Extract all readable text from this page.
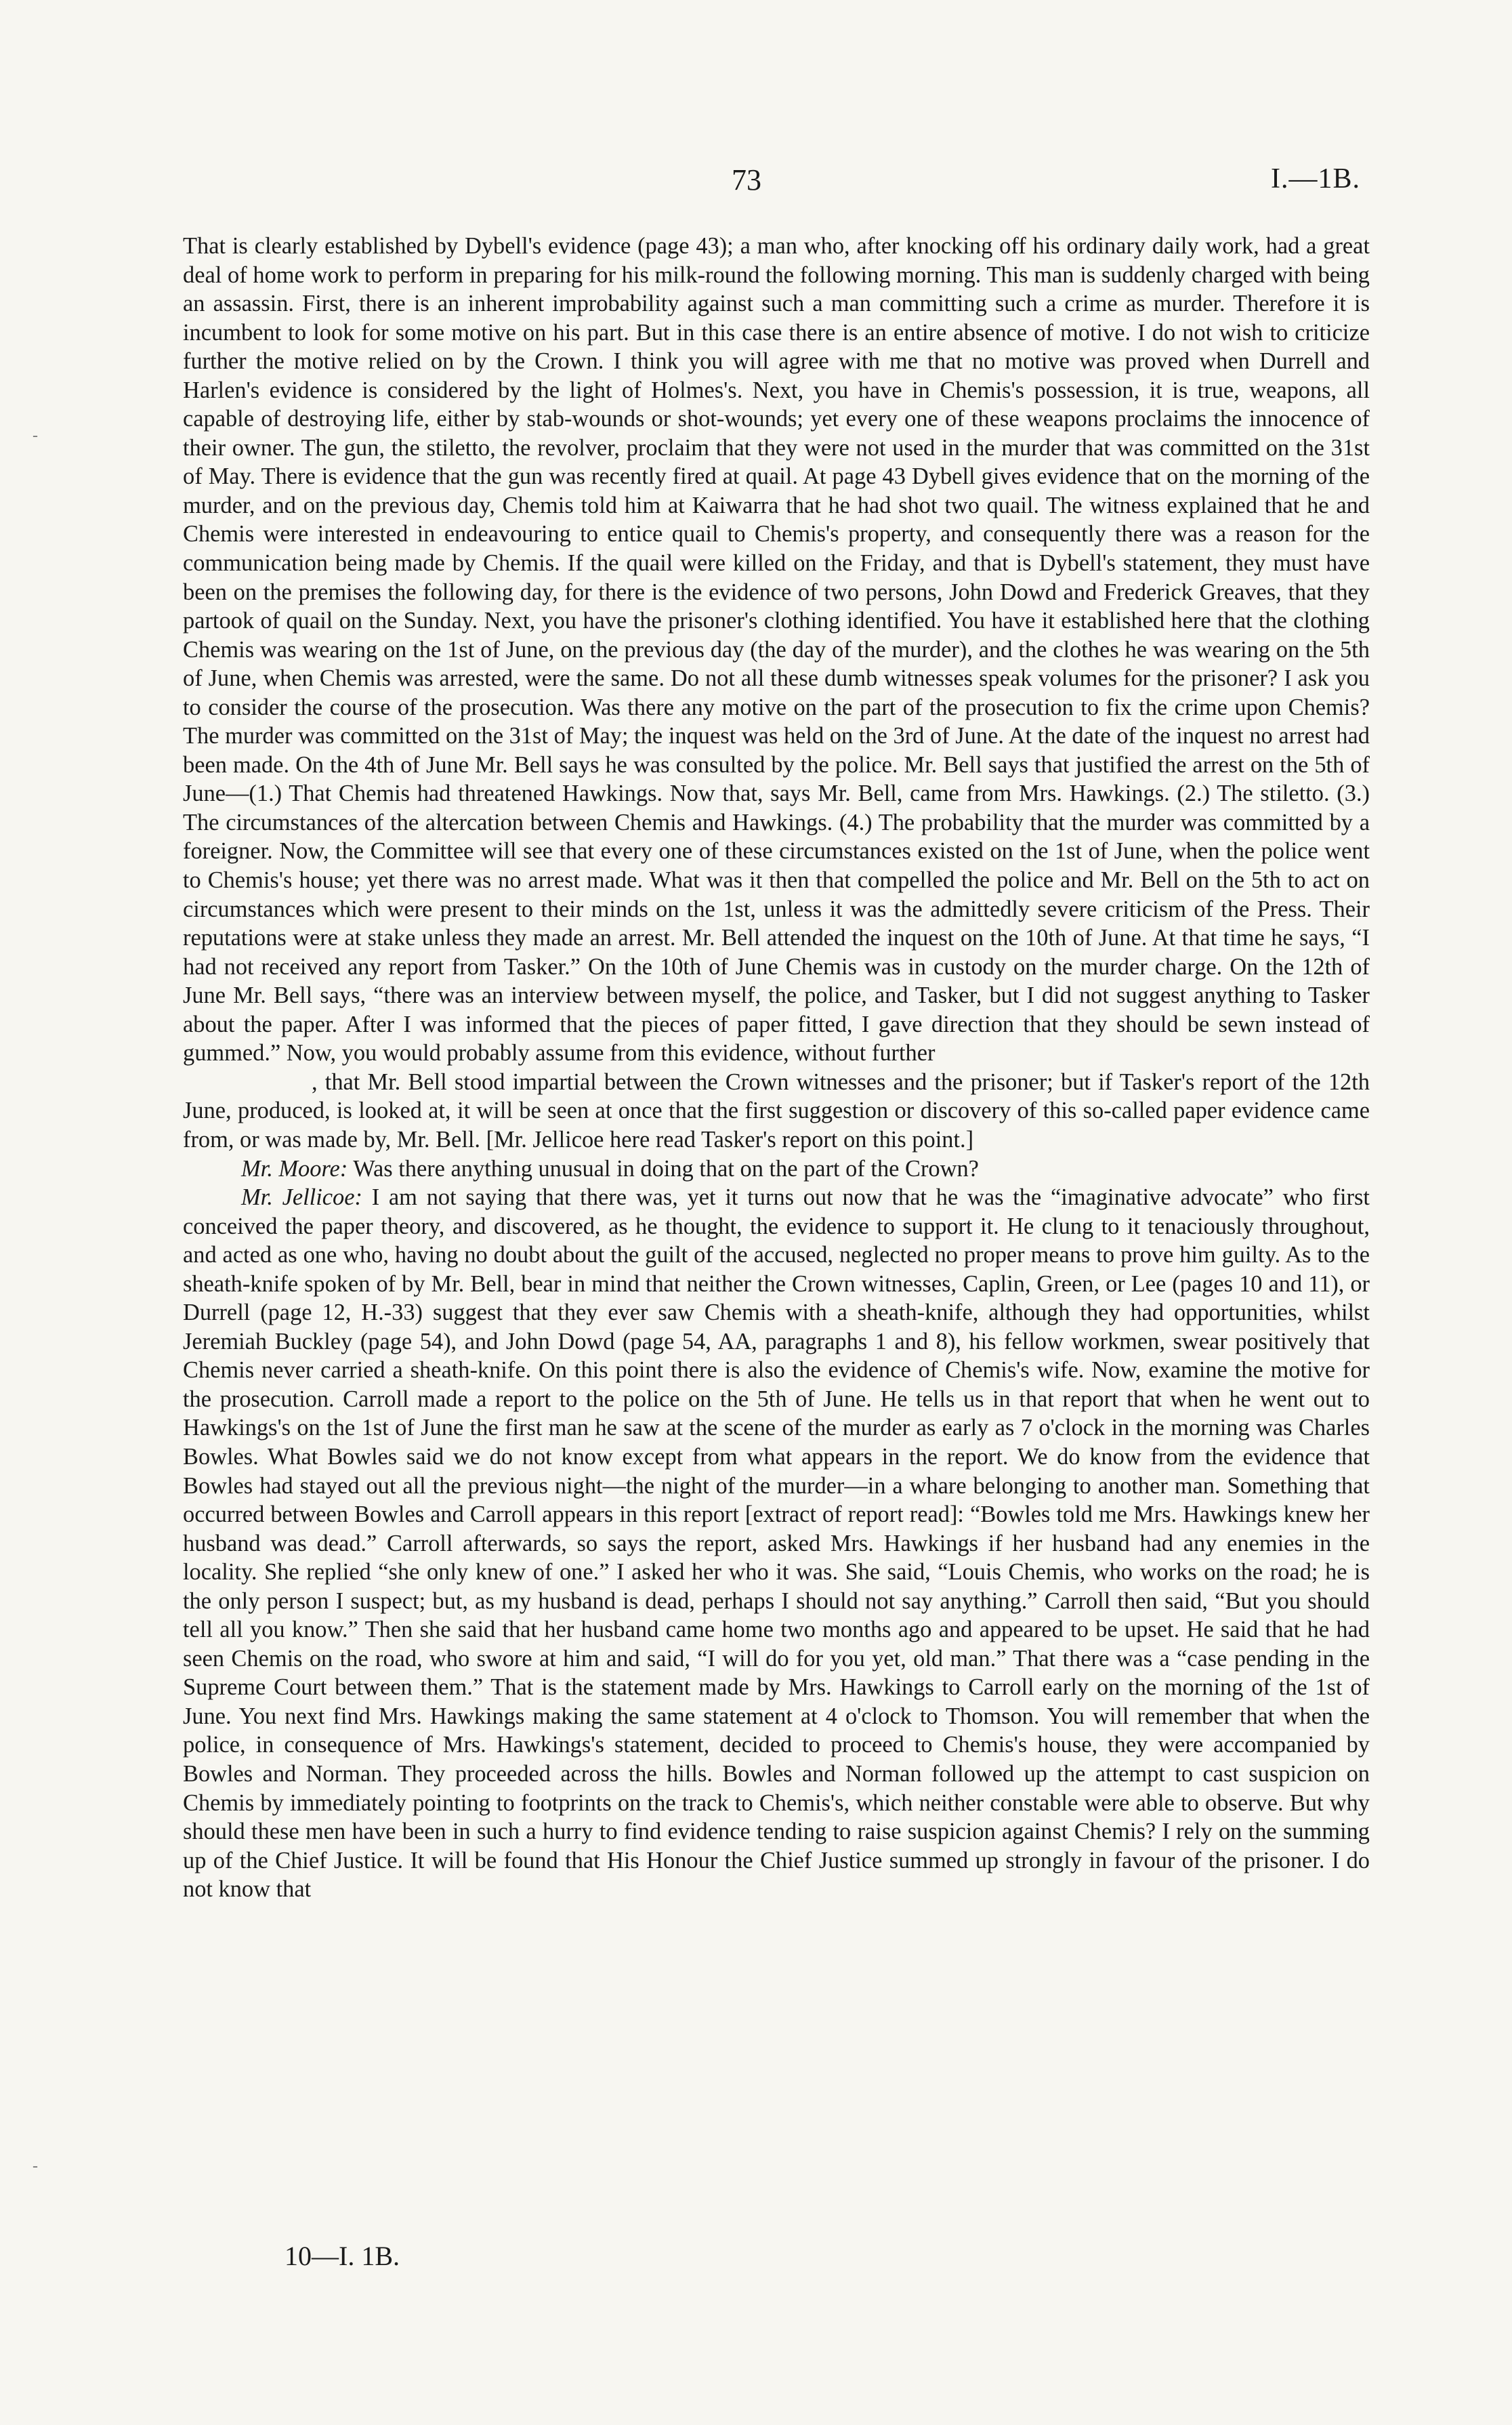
73	I.—1B.
-
-

That is clearly established by Dybell's evidence (page 43); a man who, after knocking off his ordinary daily work, had a great deal of home work to perform in preparing for his milk-round the following morning. This man is suddenly charged with being an assassin. First, there is an inherent improbability against such a man committing such a crime as murder. Therefore it is incumbent to look for some motive on his part. But in this case there is an entire absence of motive. I do not wish to criticize further the motive relied on by the Crown. I think you will agree with me that no motive was proved when Durrell and Harlen's evidence is considered by the light of Holmes's. Next, you have in Chemis's possession, it is true, weapons, all capable of destroying life, either by stab-wounds or shot-wounds; yet every one of these weapons proclaims the innocence of their owner. The gun, the stiletto, the revolver, proclaim that they were not used in the murder that was committed on the 31st of May. There is evidence that the gun was recently fired at quail. At page 43 Dybell gives evidence that on the morning of the murder, and on the previous day, Chemis told him at Kaiwarra that he had shot two quail. The witness explained that he and Chemis were interested in endeavouring to entice quail to Chemis's property, and consequently there was a reason for the communication being made by Chemis. If the quail were killed on the Friday, and that is Dybell's statement, they must have been on the premises the following day, for there is the evidence of two persons, John Dowd and Frederick Greaves, that they partook of quail on the Sunday. Next, you have the prisoner's clothing identified. You have it established here that the clothing Chemis was wearing on the 1st of June, on the previous day (the day of the murder), and the clothes he was wearing on the 5th of June, when Chemis was arrested, were the same. Do not all these dumb witnesses speak volumes for the prisoner? I ask you to consider the course of the prosecution. Was there any motive on the part of the prosecution to fix the crime upon Chemis? The murder was committed on the 31st of May; the inquest was held on the 3rd of June. At the date of the inquest no arrest had been made. On the 4th of June Mr. Bell says he was consulted by the police. Mr. Bell says that justified the arrest on the 5th of June—(1.) That Chemis had threatened Hawkings. Now that, says Mr. Bell, came from Mrs. Hawkings. (2.) The stiletto. (3.) The circumstances of the altercation between Chemis and Hawkings. (4.) The probability that the murder was committed by a foreigner. Now, the Committee will see that every one of these circumstances existed on the 1st of June, when the police went to Chemis's house; yet there was no arrest made. What was it then that compelled the police and Mr. Bell on the 5th to act on circumstances which were present to their minds on the 1st, unless it was the admittedly severe criticism of the Press. Their reputations were at stake unless they made an arrest. Mr. Bell attended the inquest on the 10th of June. At that time he says, “I had not received any report from Tasker.” On the 10th of June Chemis was in custody on the murder charge. On the 12th of June Mr. Bell says, “there was an interview between myself, the police, and Tasker, but I did not suggest anything to Tasker about the paper. After I was informed that the pieces of paper fitted, I gave direction that they should be sewn instead of gummed.” Now, you would probably assume from this evidence, without further
, that Mr. Bell stood impartial between the Crown witnesses and the prisoner; but if Tasker's report of the 12th June, produced, is looked at, it will be seen at once that the first suggestion or discovery of this so-called paper evidence came from, or was made by, Mr. Bell. [Mr. Jellicoe here read Tasker's report on this point.]

Mr. Moore: Was there anything unusual in doing that on the part of the Crown?

Mr. Jellicoe: I am not saying that there was, yet it turns out now that he was the “imaginative advocate” who first conceived the paper theory, and discovered, as he thought, the evidence to support it. He clung to it tenaciously throughout, and acted as one who, having no doubt about the guilt of the accused, neglected no proper means to prove him guilty. As to the sheath-knife spoken of by Mr. Bell, bear in mind that neither the Crown witnesses, Caplin, Green, or Lee (pages 10 and 11), or Durrell (page 12, H.-33) suggest that they ever saw Chemis with a sheath-knife, although they had opportunities, whilst Jeremiah Buckley (page 54), and John Dowd (page 54, AA, paragraphs 1 and 8), his fellow workmen, swear positively that Chemis never carried a sheath-knife. On this point there is also the evidence of Chemis's wife. Now, examine the motive for the prosecution. Carroll made a report to the police on the 5th of June. He tells us in that report that when he went out to Hawkings's on the 1st of June the first man he saw at the scene of the murder as early as 7 o'clock in the morning was Charles Bowles. What Bowles said we do not know except from what appears in the report. We do know from the evidence that Bowles had stayed out all the previous night—the night of the murder—in a whare belonging to another man. Something that occurred between Bowles and Carroll appears in this report [extract of report read]: “Bowles told me Mrs. Hawkings knew her husband was dead.” Carroll afterwards, so says the report, asked Mrs. Hawkings if her husband had any enemies in the locality. She replied “she only knew of one.” I asked her who it was. She said, “Louis Chemis, who works on the road; he is the only person I suspect; but, as my husband is dead, perhaps I should not say anything.” Carroll then said, “But you should tell all you know.” Then she said that her husband came home two months ago and appeared to be upset. He said that he had seen Chemis on the road, who swore at him and said, “I will do for you yet, old man.” That there was a “case pending in the Supreme Court between them.” That is the statement made by Mrs. Hawkings to Carroll early on the morning of the 1st of June. You next find Mrs. Hawkings making the same statement at 4 o'clock to Thomson. You will remember that when the police, in consequence of Mrs. Hawkings's statement, decided to proceed to Chemis's house, they were accompanied by Bowles and Norman. They proceeded across the hills. Bowles and Norman followed up the attempt to cast suspicion on Chemis by immediately pointing to footprints on the track to Chemis's, which neither constable were able to observe. But why should these men have been in such a hurry to find evidence tending to raise suspicion against Chemis? I rely on the summing up of the Chief Justice. It will be found that His Honour the Chief Justice summed up strongly in favour of the prisoner. I do not know that

10—I. 1B.
